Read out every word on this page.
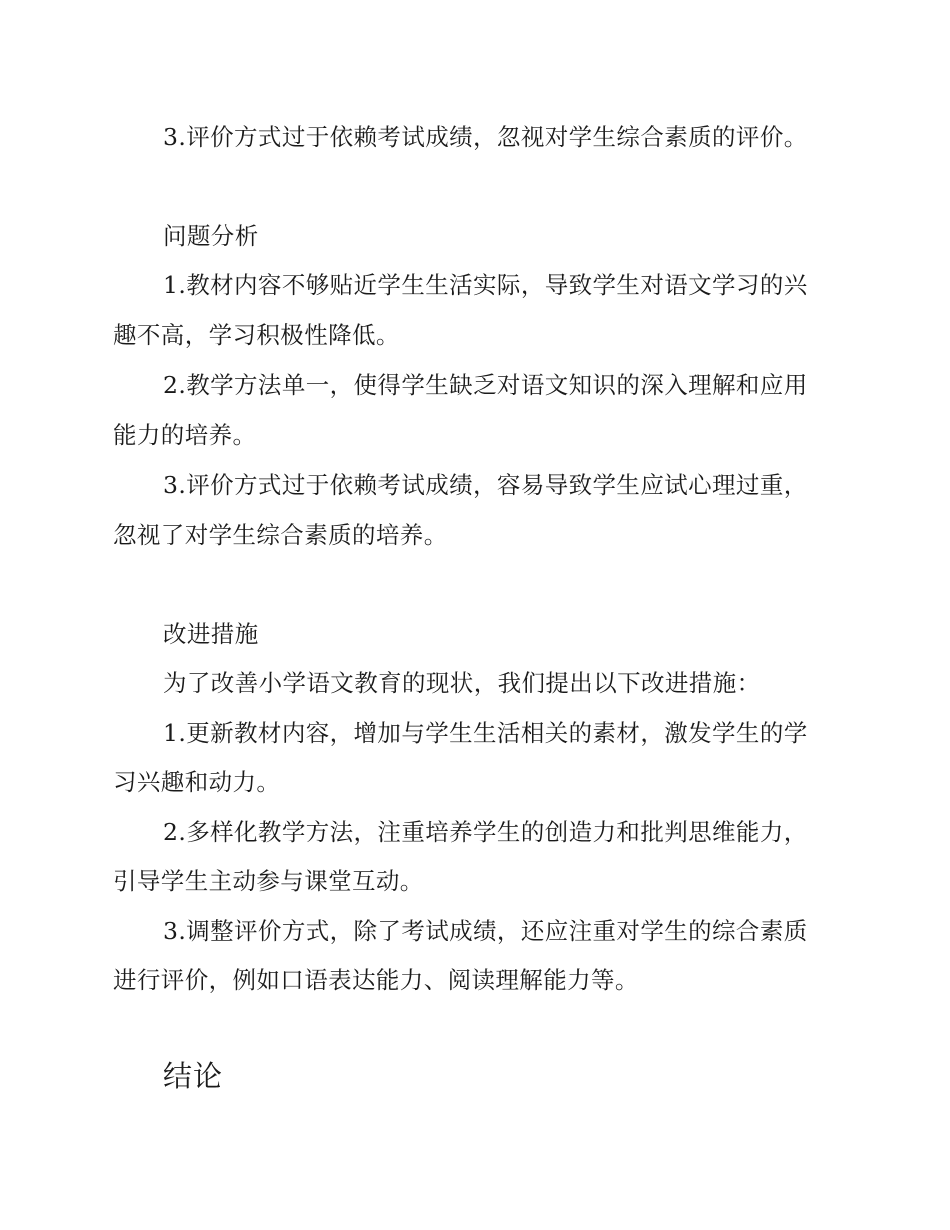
3.评价方式过于依赖考试成绩，忽视对学生综合素质的评价。
问题分析
1.教材内容不够贴近学生生活实际，导致学生对语文学习的兴
趣不高，学习积极性降低。
2.教学方法单一，使得学生缺乏对语文知识的深入理解和应用
能力的培养。
3.评价方式过于依赖考试成绩，容易导致学生应试心理过重，
忽视了对学生综合素质的培养。
改进措施
为了改善小学语文教育的现状，我们提出以下改进措施：
1.更新教材内容，增加与学生生活相关的素材，激发学生的学
习兴趣和动力。
2.多样化教学方法，注重培养学生的创造力和批判思维能力，
引导学生主动参与课堂互动。
3.调整评价方式，除了考试成绩，还应注重对学生的综合素质
进行评价，例如口语表达能力、阅读理解能力等。
结论
